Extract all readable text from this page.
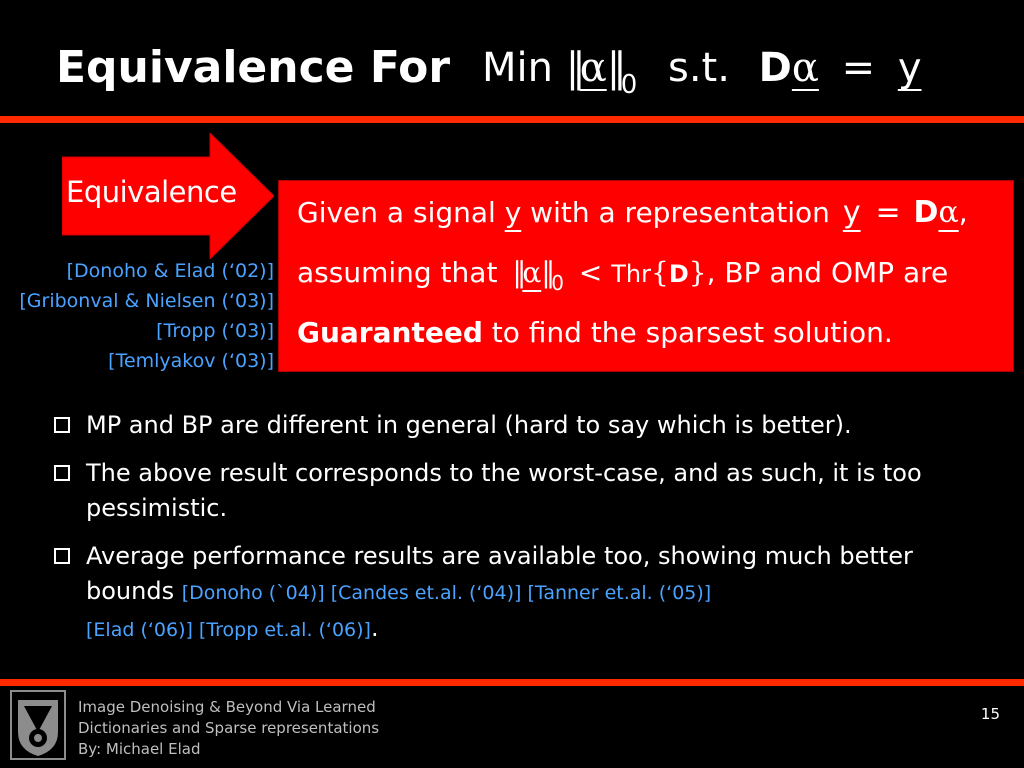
Equivalence For Min $‖\alpha‖_0$ s.t. Dα = y
Equivalence
[Donoho & Elad (‘02)]
[Gribonval & Nielsen (‘03)]
[Tropp (‘03)]
[Temlyakov (‘03)]
Given a signal y with a representation y = Dα,
assuming that $‖\alpha‖_0 < Thr\{D\}$, BP and OMP are
Guaranteed to find the sparsest solution.
MP and BP are different in general (hard to say which is better).
The above result corresponds to the worst-case, and as such, it is too pessimistic.
Average performance results are available too, showing much better bounds [Donoho (`04)] [Candes et.al. (‘04)] [Tanner et.al. (‘05)]
[Elad (‘06)] [Tropp et.al. (‘06)].
Image Denoising & Beyond Via Learned
Dictionaries and Sparse representations
By: Michael Elad
15
